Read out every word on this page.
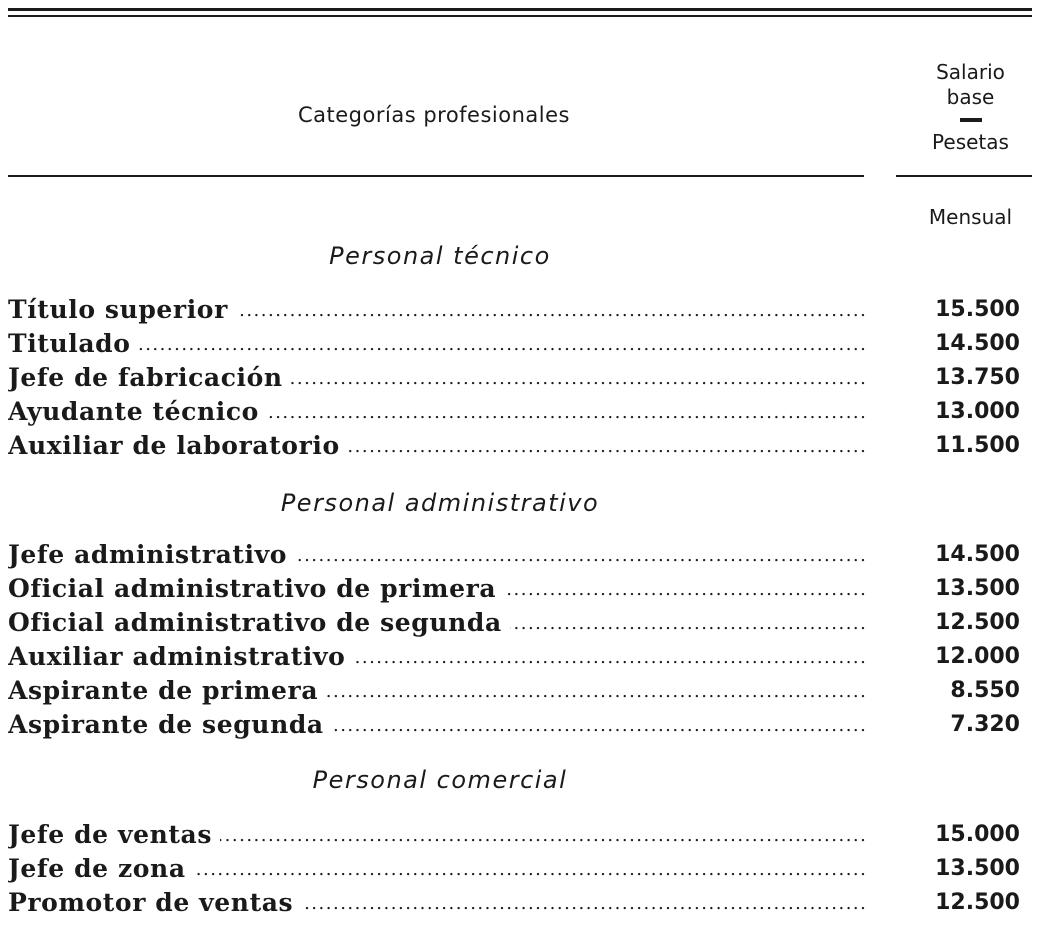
Categorías profesionales
Salario
base
Pesetas
Mensual
Personal técnico
Título superior .....	15.500
Titulado .....	14.500
Jefe de fabricación .....	13.750
Ayudante técnico .....	13.000
Auxiliar de laboratorio .....	11.500
Personal administrativo
Jefe administrativo .....	14.500
Oficial administrativo de primera .....	13.500
Oficial administrativo de segunda .....	12.500
Auxiliar administrativo .....	12.000
Aspirante de primera .....	8.550
Aspirante de segunda .....	7.320
Personal comercial
Jefe de ventas .....	15.000
Jefe de zona .....	13.500
Promotor de ventas .....	12.500
